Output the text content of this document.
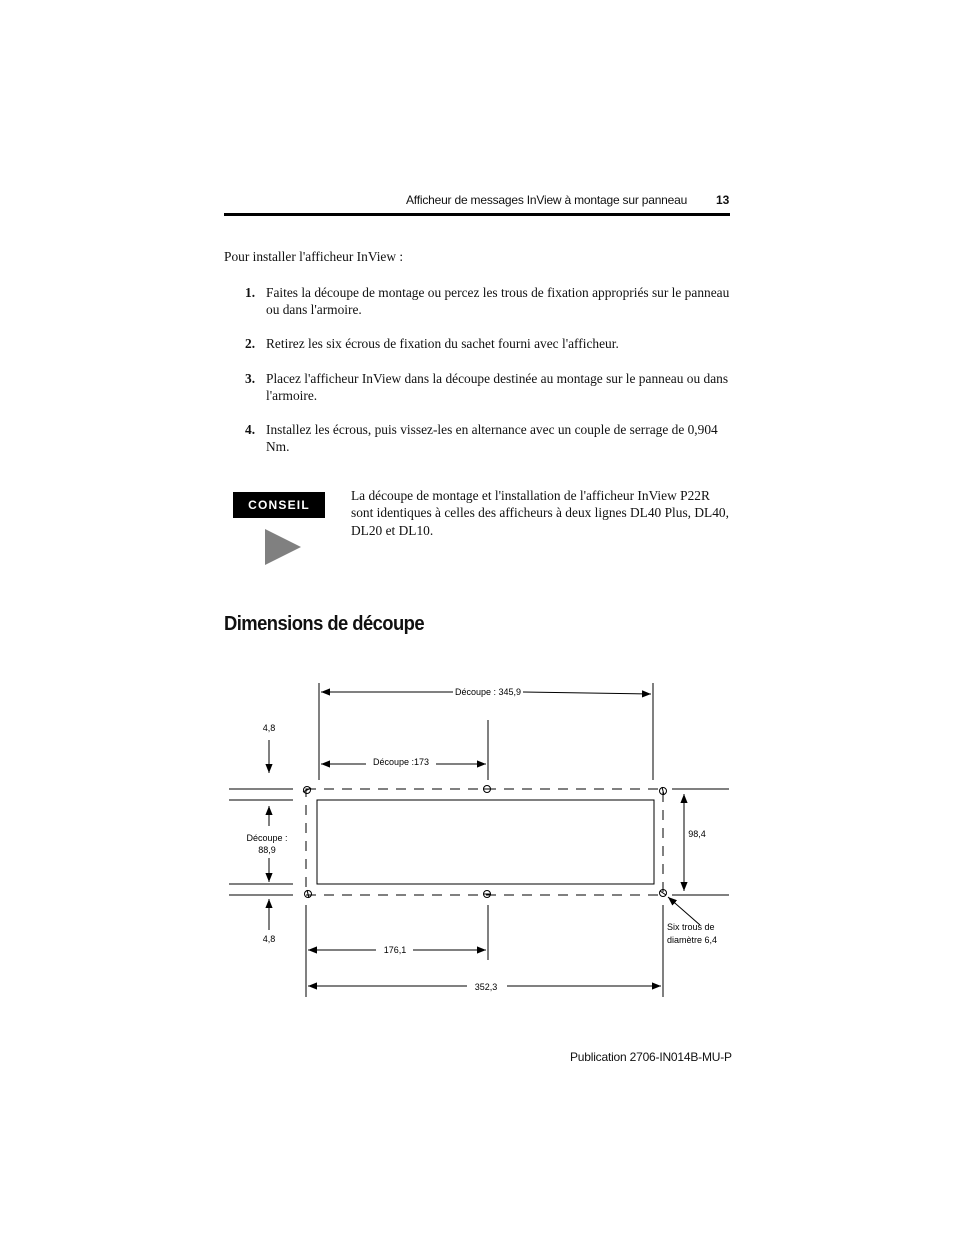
Afficheur de messages InView à montage sur panneau 13
Pour installer l'afficheur InView :
1. Faites la découpe de montage ou percez les trous de fixation appropriés sur le panneau ou dans l'armoire.
2. Retirez les six écrous de fixation du sachet fourni avec l'afficheur.
3. Placez l'afficheur InView dans la découpe destinée au montage sur le panneau ou dans l'armoire.
4. Installez les écrous, puis vissez-les en alternance avec un couple de serrage de 0,904 Nm.
CONSEIL
La découpe de montage et l'installation de l'afficheur InView P22R sont identiques à celles des afficheurs à deux lignes DL40 Plus, DL40, DL20 et DL10.
Dimensions de découpe
Découpe : 345,9
Découpe :173
4,8
Découpe :
88,9
4,8
98,4
Six trous de
diamètre 6,4
176,1
352,3
Publication 2706-IN014B-MU-P
